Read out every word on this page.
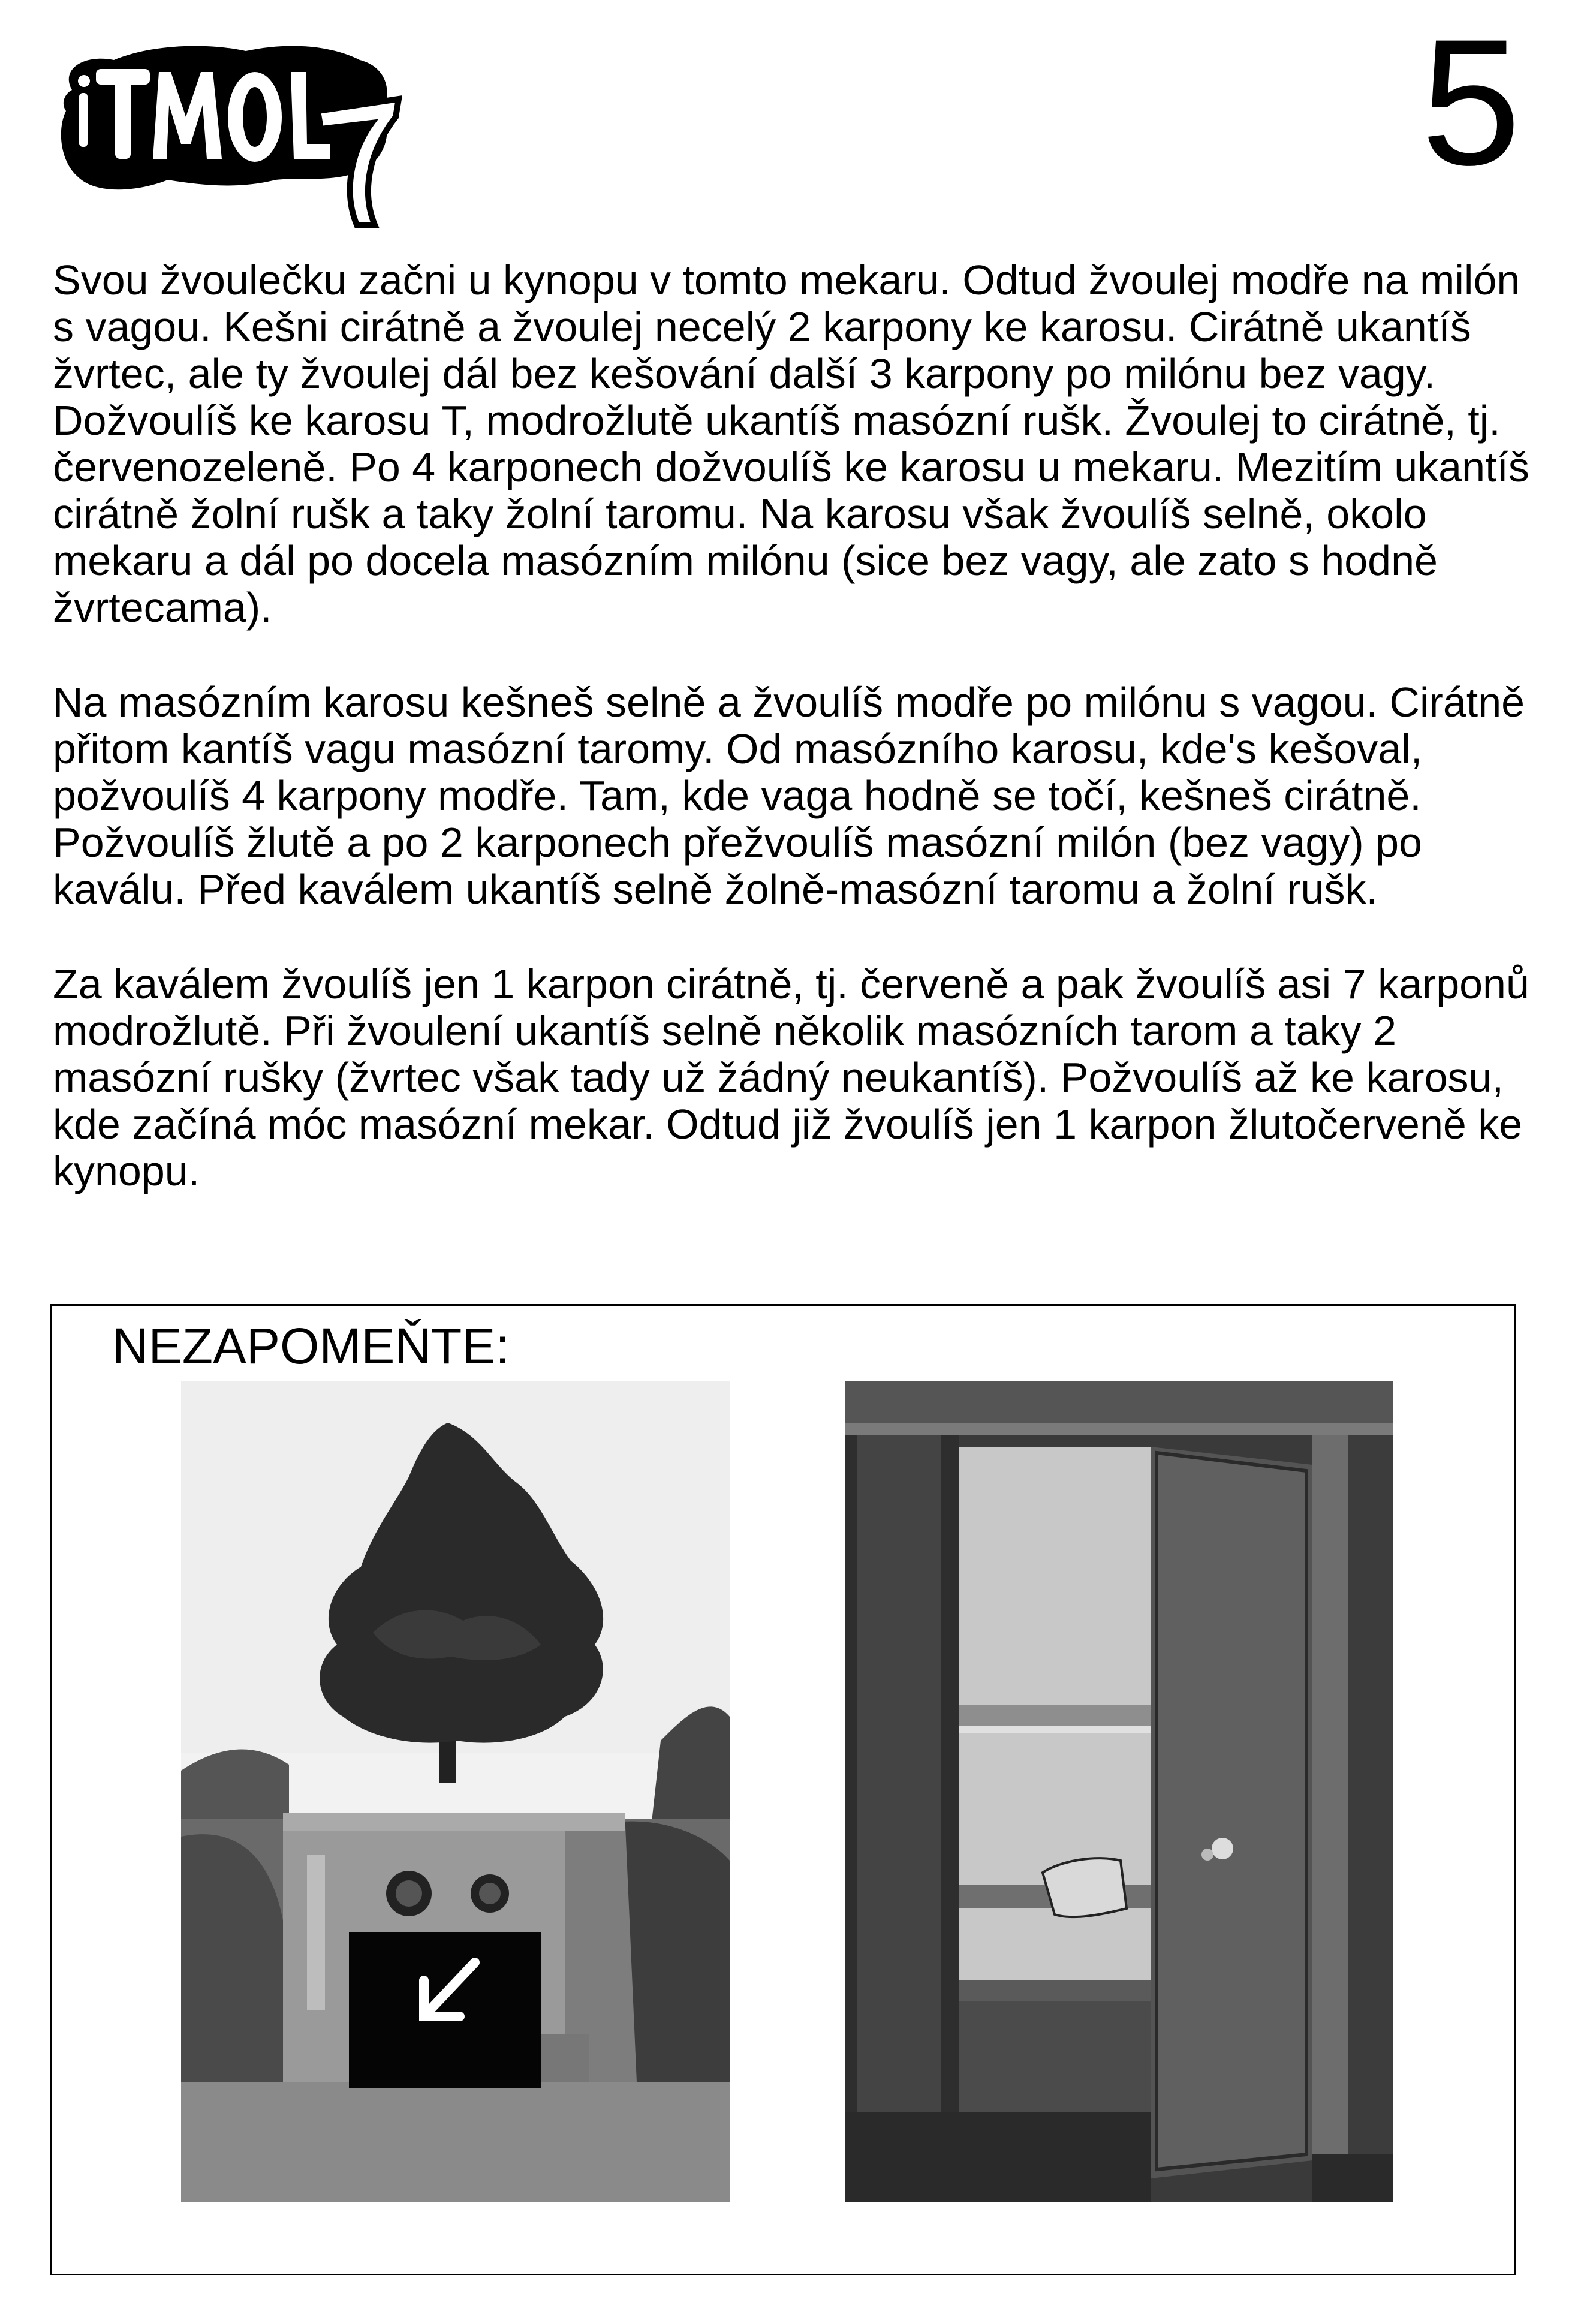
5

Svou žvoulečku začni u kynopu v tomto mekaru. Odtud žvoulej modře na milón s vagou. Kešni cirátně a žvoulej necelý 2 karpony ke karosu. Cirátně ukantíš žvrtec, ale ty žvoulej dál bez kešování další 3 karpony po milónu bez vagy. Dožvoulíš ke karosu T, modrožlutě ukantíš masózní rušk. Žvoulej to cirátně, tj. červenozeleně. Po 4 karponech dožvoulíš ke karosu u mekaru. Mezitím ukantíš cirátně žolní rušk a taky žolní taromu. Na karosu však žvoulíš selně, okolo mekaru a dál po docela masózním milónu (sice bez vagy, ale zato s hodně žvrtecama).

Na masózním karosu kešneš selně a žvoulíš modře po milónu s vagou. Cirátně přitom kantíš vagu masózní taromy. Od masózního karosu, kde's kešoval, požvoulíš 4 karpony modře. Tam, kde vaga hodně se točí, kešneš cirátně. Požvoulíš žlutě a po 2 karponech přežvoulíš masózní milón (bez vagy) po kaválu. Před kaválem ukantíš selně žolně-masózní taromu a žolní rušk.

Za kaválem žvoulíš jen 1 karpon cirátně, tj. červeně a pak žvoulíš asi 7 karponů modrožlutě. Při žvoulení ukantíš selně několik masózních tarom a taky 2 masózní rušky (žvrtec však tady už žádný neukantíš). Požvoulíš až ke karosu, kde začíná móc masózní mekar. Odtud již žvoulíš jen 1 karpon žlutočerveně ke kynopu.

NEZAPOMEŇTE:
